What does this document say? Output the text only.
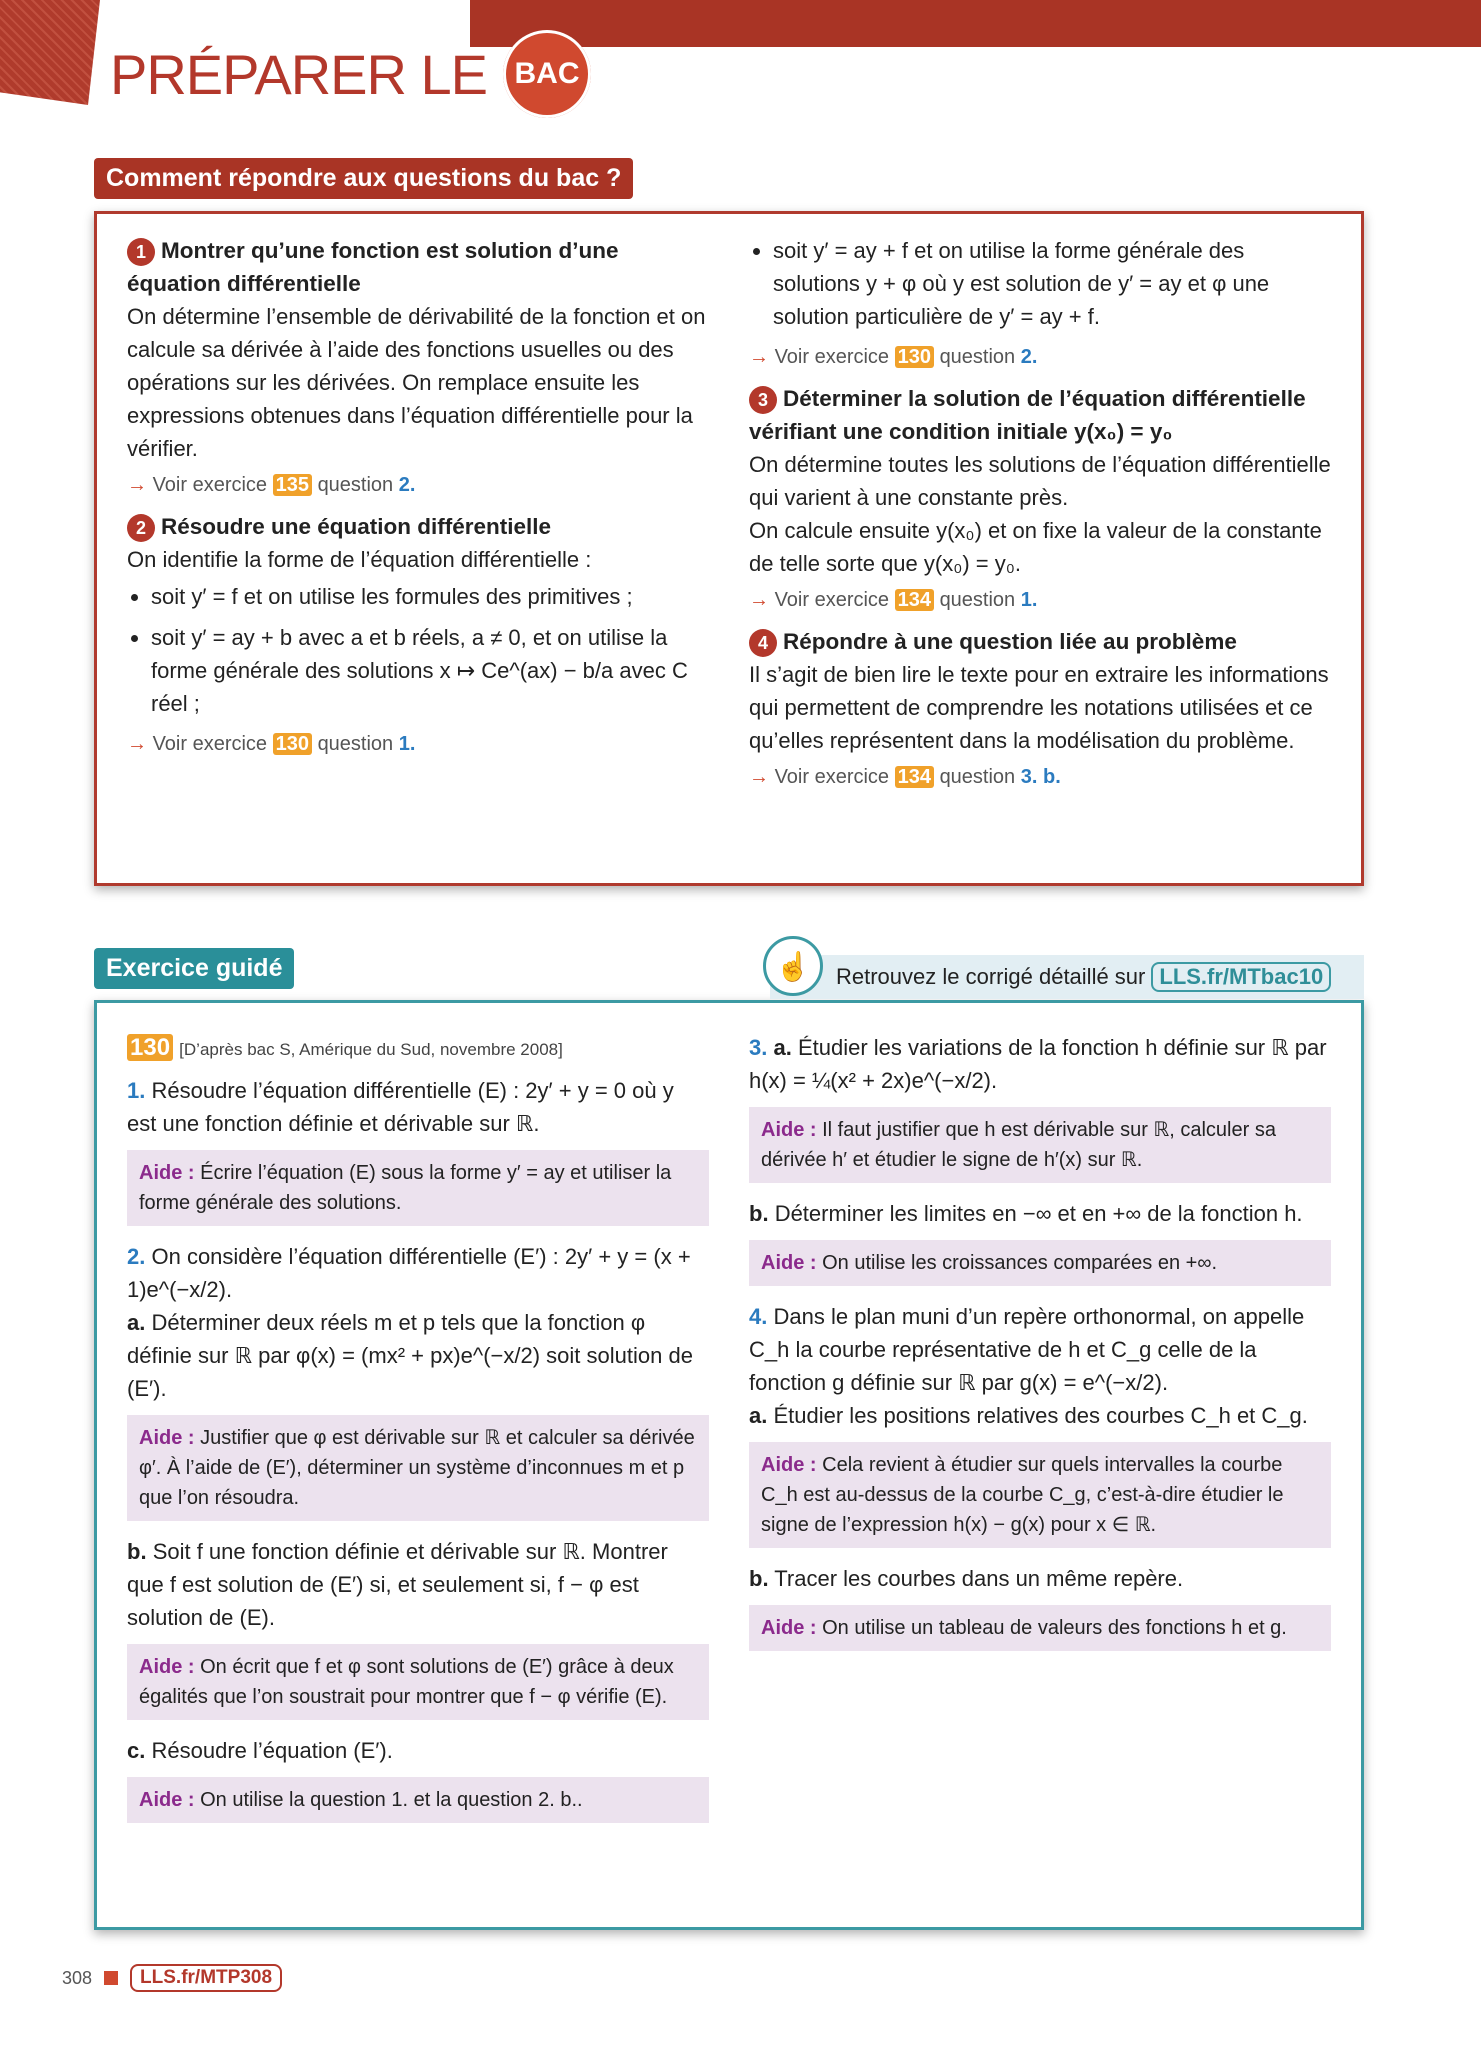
PRÉPARER LE BAC
Comment répondre aux questions du bac ?
1 Montrer qu’une fonction est solution d’une équation différentielle

On détermine l’ensemble de dérivabilité de la fonction et on calcule sa dérivée à l’aide des fonctions usuelles ou des opérations sur les dérivées. On remplace ensuite les expressions obtenues dans l’équation différentielle pour la vérifier.

→ Voir exercice 135 question 2.
2 Résoudre une équation différentielle

On identifie la forme de l’équation différentielle :

• soit y′ = f et on utilise les formules des primitives ;
• soit y′ = ay + b avec a et b réels, a ≠ 0, et on utilise la forme générale des solutions x ↦ Ce^(ax) − b/a avec C réel ;
→ Voir exercice 130 question 1.
• soit y′ = ay + f et on utilise la forme générale des solutions y + φ où y est solution de y′ = ay et φ une solution particulière de y′ = ay + f.
→ Voir exercice 130 question 2.
3 Déterminer la solution de l’équation différentielle vérifiant une condition initiale y(x₀) = y₀

On détermine toutes les solutions de l’équation différentielle qui varient à une constante près.

On calcule ensuite y(x₀) et on fixe la valeur de la constante de telle sorte que y(x₀) = y₀.

→ Voir exercice 134 question 1.
4 Répondre à une question liée au problème

Il s’agit de bien lire le texte pour en extraire les informations qui permettent de comprendre les notations utilisées et ce qu’elles représentent dans la modélisation du problème.

→ Voir exercice 134 question 3. b.
Exercice guidé	Retrouvez le corrigé détaillé sur LLS.fr/MTbac10
☝
130 [D’après bac S, Amérique du Sud, novembre 2008]

1. Résoudre l’équation différentielle (E) : 2y′ + y = 0 où y est une fonction définie et dérivable sur ℝ.

Aide : Écrire l’équation (E) sous la forme y′ = ay et utiliser la forme générale des solutions.

2. On considère l’équation différentielle (E′) : 2y′ + y = (x + 1)e^(−x/2).

a. Déterminer deux réels m et p tels que la fonction φ définie sur ℝ par φ(x) = (mx² + px)e^(−x/2) soit solution de (E′).

Aide : Justifier que φ est dérivable sur ℝ et calculer sa dérivée φ′. À l’aide de (E′), déterminer un système d’inconnues m et p que l’on résoudra.

b. Soit f une fonction définie et dérivable sur ℝ. Montrer que f est solution de (E′) si, et seulement si, f − φ est solution de (E).

Aide : On écrit que f et φ sont solutions de (E′) grâce à deux égalités que l’on soustrait pour montrer que f − φ vérifie (E).

c. Résoudre l’équation (E′).

Aide : On utilise la question 1. et la question 2. b..

3. a. Étudier les variations de la fonction h définie sur ℝ par h(x) = ¼(x² + 2x)e^(−x/2).

Aide : Il faut justifier que h est dérivable sur ℝ, calculer sa dérivée h′ et étudier le signe de h′(x) sur ℝ.

b. Déterminer les limites en −∞ et en +∞ de la fonction h.

Aide : On utilise les croissances comparées en +∞.

4. Dans le plan muni d’un repère orthonormal, on appelle C_h la courbe représentative de h et C_g celle de la fonction g définie sur ℝ par g(x) = e^(−x/2).

a. Étudier les positions relatives des courbes C_h et C_g.

Aide : Cela revient à étudier sur quels intervalles la courbe C_h est au-dessus de la courbe C_g, c’est-à-dire étudier le signe de l’expression h(x) − g(x) pour x ∈ ℝ.

b. Tracer les courbes dans un même repère.

Aide : On utilise un tableau de valeurs des fonctions h et g.
308	LLS.fr/MTP308
